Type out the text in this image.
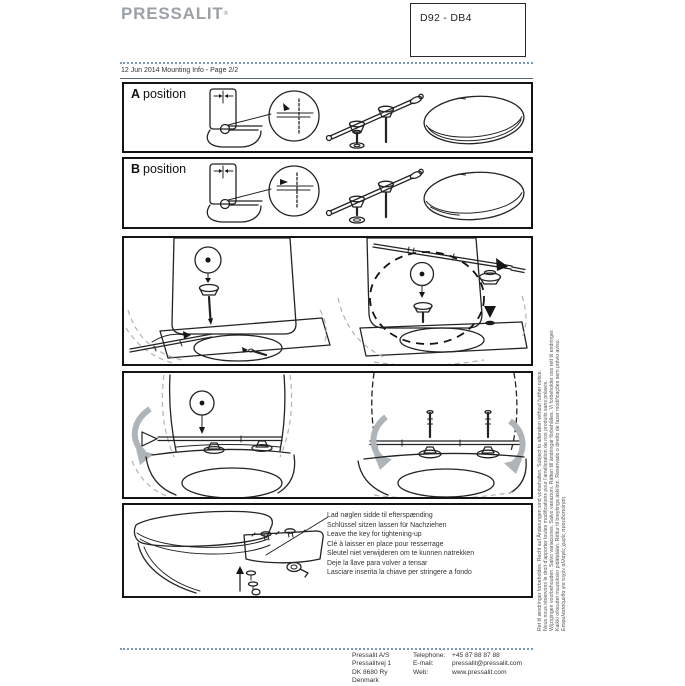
PRESSALIT®	D92 - DB4
12 Jun 2014 Mounting Info - Page 2/2
A position
B position
Lad nøglen sidde til efterspænding
Schlüssel sitzen lassen für Nachziehen
Leave the key for tightening-up
Clé à laisser en place pour resserrage
Sleutel niet verwijderen om te kunnen natrekken
Deje la llave para volver a tensar
Lasciare inserita la chiave per stringere a fondo	Ret til ændringer forbeholdes. Recht auf Änderungen sind vorbehalten. Subject to alteration without further notice. Nous nous réservons le droit d'apporter toutes modifications pour l'amélioration de nos produits sans préavis. Wijzigingen voorbehouden. Salvo variaciones. Salvo variazioni. Rätten till ändringar förbehålles. Vi forbeholder oss rett til endringer. Kaikki oikeudet muutoksiin pidätetään. Réttur til breytinga áskilinn. Reservado o direito de fazer modificações sem prévio aviso. Επιφυλασσόμεθα για τυχόν αλλαγές χωρίς προειδοποίηση.
Pressalit A/S
Pressalitvej 1
DK 8680 Ry
Denmark
Telephone:
E-mail:
Web:
+45 87 88 87 88
pressalit@pressalit.com
www.pressalit.com
